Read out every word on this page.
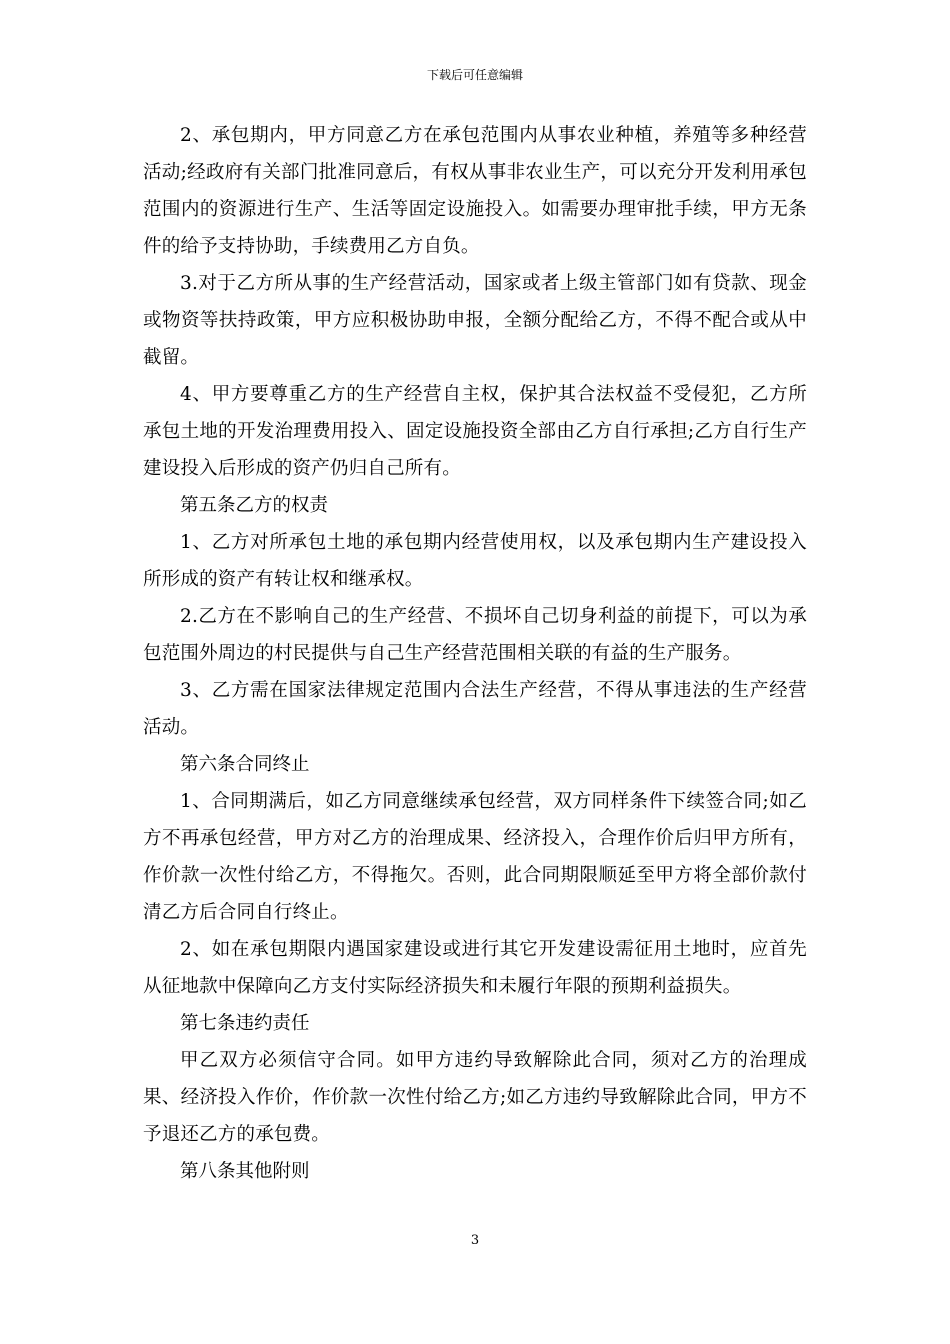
下载后可任意编辑

2、承包期内，甲方同意乙方在承包范围内从事农业种植，养殖等多种经营活动;经政府有关部门批准同意后，有权从事非农业生产，可以充分开发利用承包范围内的资源进行生产、生活等固定设施投入。如需要办理审批手续，甲方无条件的给予支持协助，手续费用乙方自负。

3.对于乙方所从事的生产经营活动，国家或者上级主管部门如有贷款、现金或物资等扶持政策，甲方应积极协助申报，全额分配给乙方，不得不配合或从中截留。

4、甲方要尊重乙方的生产经营自主权，保护其合法权益不受侵犯，乙方所承包土地的开发治理费用投入、固定设施投资全部由乙方自行承担;乙方自行生产建设投入后形成的资产仍归自己所有。

第五条乙方的权责

1、乙方对所承包土地的承包期内经营使用权，以及承包期内生产建设投入所形成的资产有转让权和继承权。

2.乙方在不影响自己的生产经营、不损坏自己切身利益的前提下，可以为承包范围外周边的村民提供与自己生产经营范围相关联的有益的生产服务。

3、乙方需在国家法律规定范围内合法生产经营，不得从事违法的生产经营活动。

第六条合同终止

1、合同期满后，如乙方同意继续承包经营，双方同样条件下续签合同;如乙方不再承包经营，甲方对乙方的治理成果、经济投入，合理作价后归甲方所有，作价款一次性付给乙方，不得拖欠。否则，此合同期限顺延至甲方将全部价款付清乙方后合同自行终止。

2、如在承包期限内遇国家建设或进行其它开发建设需征用土地时，应首先从征地款中保障向乙方支付实际经济损失和未履行年限的预期利益损失。

第七条违约责任

甲乙双方必须信守合同。如甲方违约导致解除此合同，须对乙方的治理成果、经济投入作价，作价款一次性付给乙方;如乙方违约导致解除此合同，甲方不予退还乙方的承包费。

第八条其他附则

3
